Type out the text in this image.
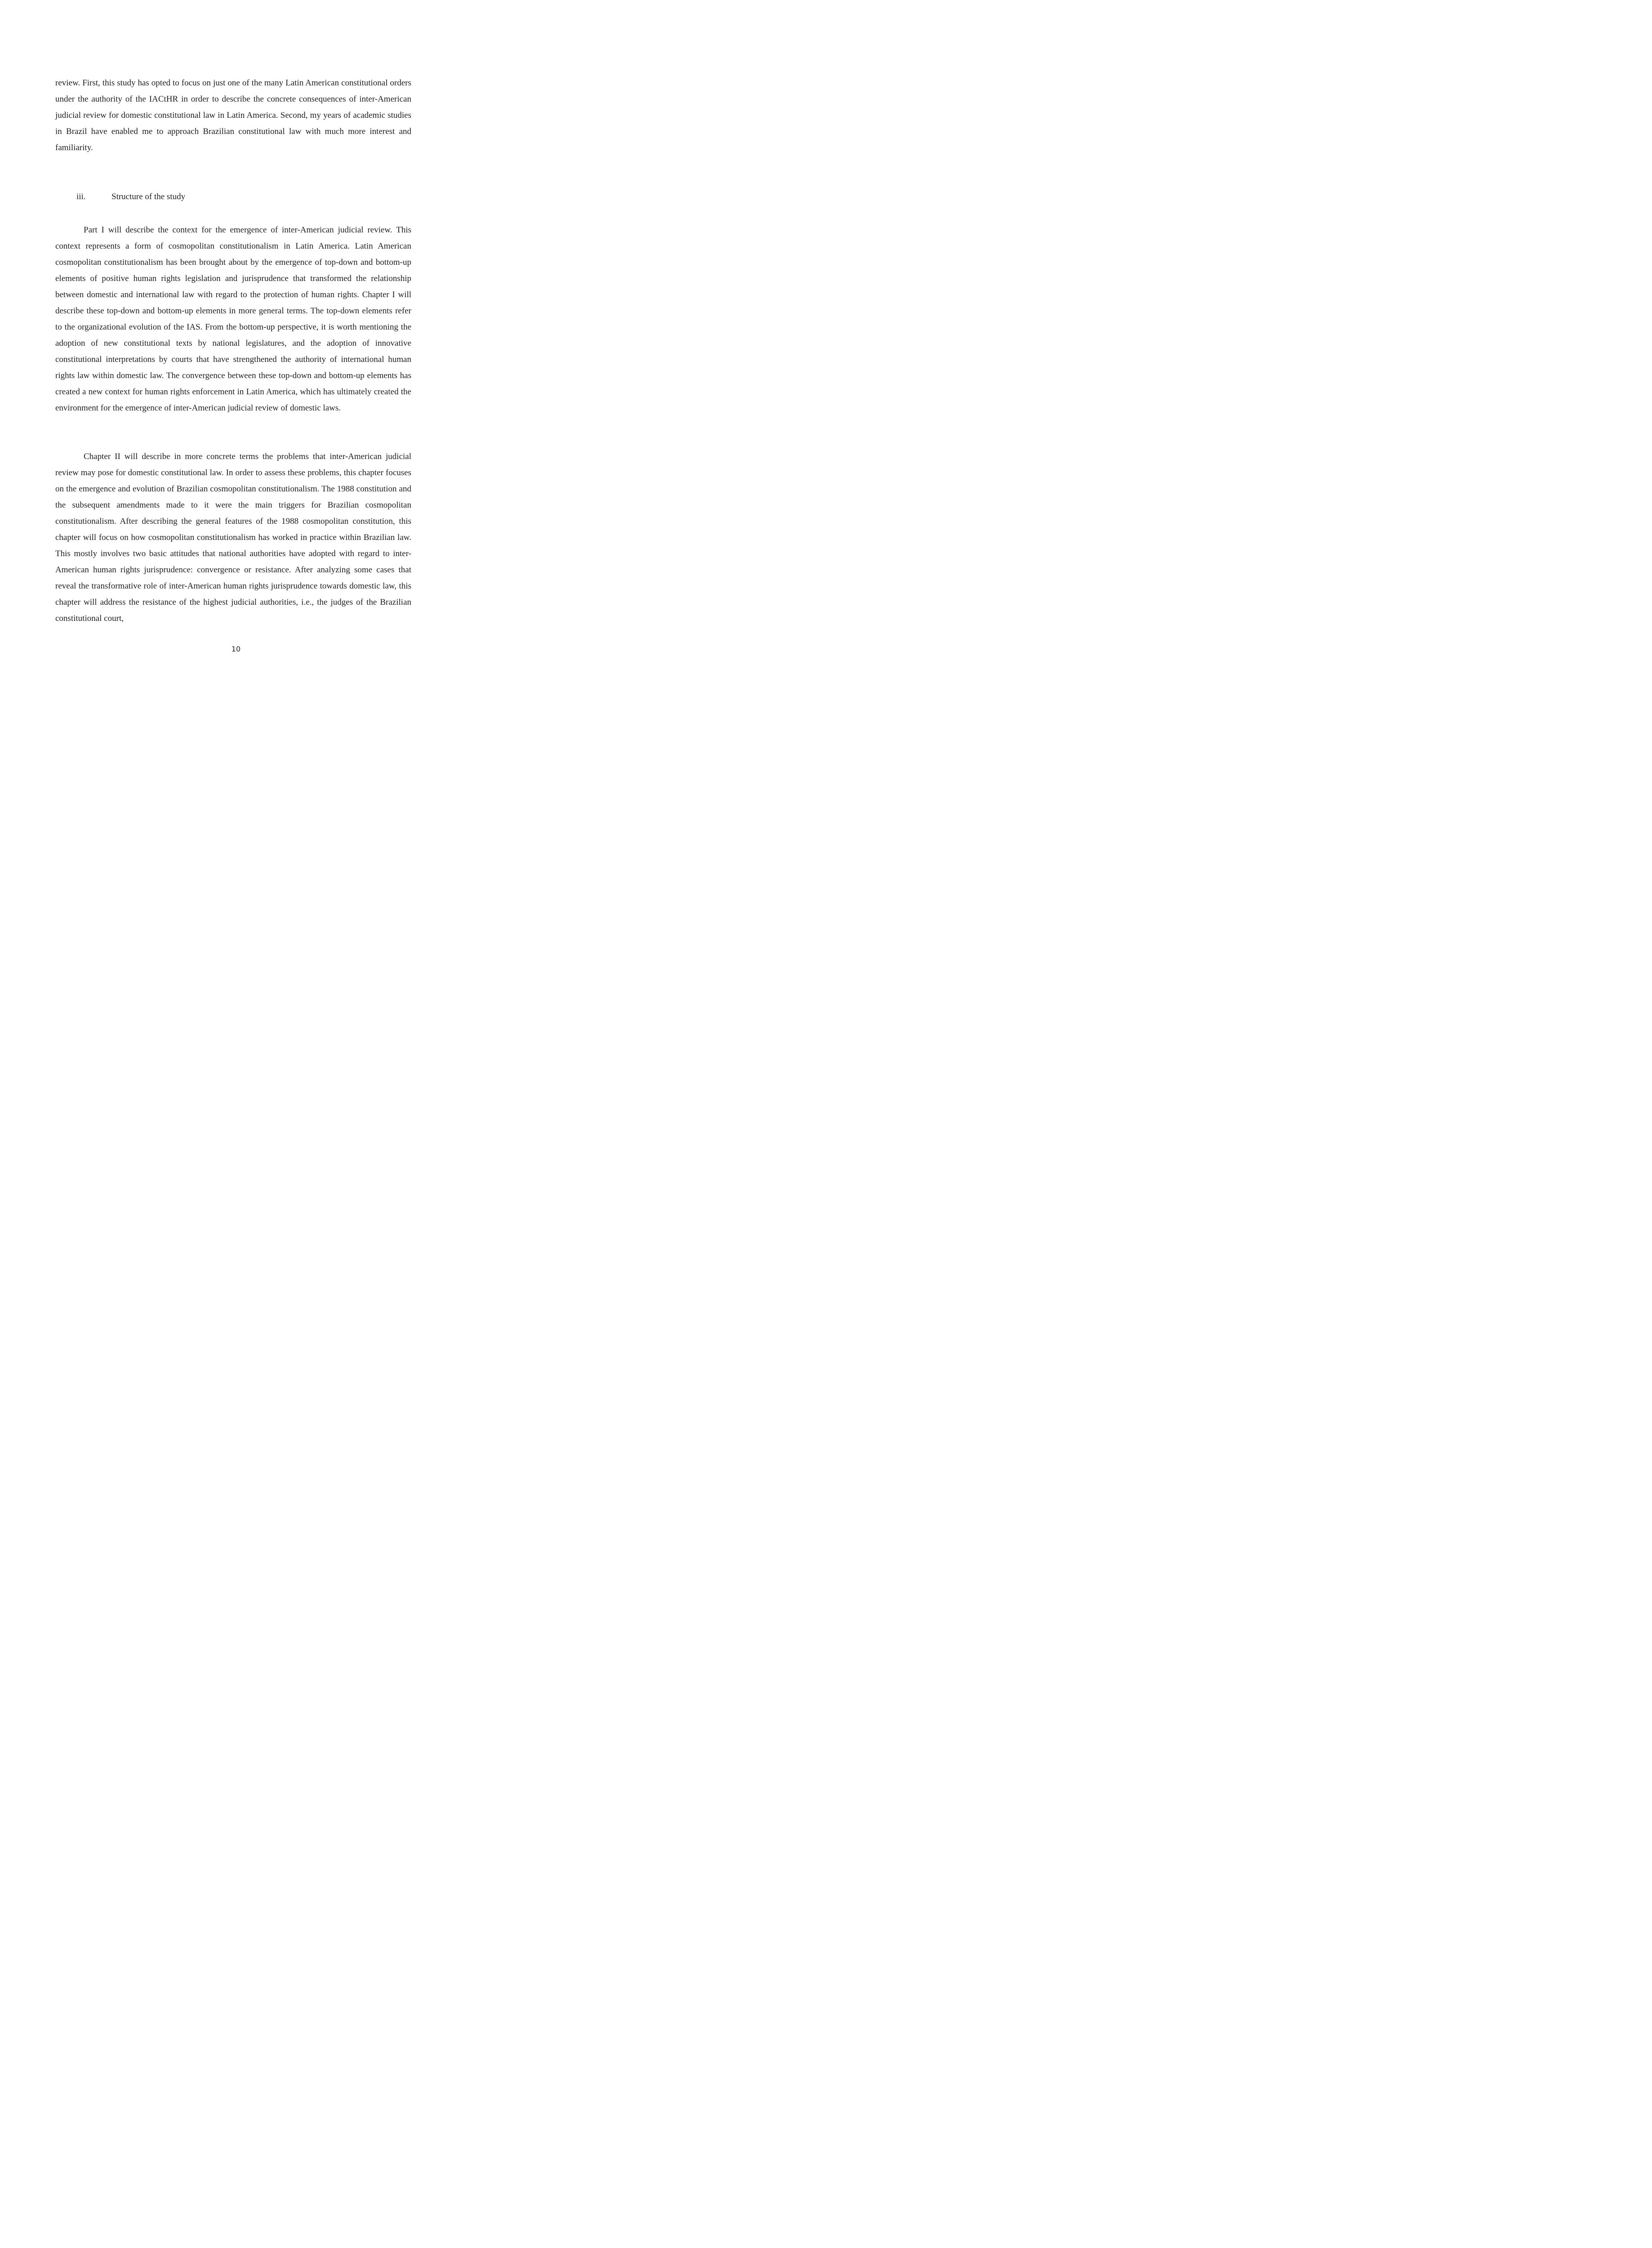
review. First, this study has opted to focus on just one of the many Latin American constitutional orders under the authority of the IACtHR in order to describe the concrete consequences of inter-American judicial review for domestic constitutional law in Latin America. Second, my years of academic studies in Brazil have enabled me to approach Brazilian constitutional law with much more interest and familiarity.

iii.	Structure of the study

Part I will describe the context for the emergence of inter-American judicial review. This context represents a form of cosmopolitan constitutionalism in Latin America. Latin American cosmopolitan constitutionalism has been brought about by the emergence of top-down and bottom-up elements of positive human rights legislation and jurisprudence that transformed the relationship between domestic and international law with regard to the protection of human rights. Chapter I will describe these top-down and bottom-up elements in more general terms. The top-down elements refer to the organizational evolution of the IAS. From the bottom-up perspective, it is worth mentioning the adoption of new constitutional texts by national legislatures, and the adoption of innovative constitutional interpretations by courts that have strengthened the authority of international human rights law within domestic law. The convergence between these top-down and bottom-up elements has created a new context for human rights enforcement in Latin America, which has ultimately created the environment for the emergence of inter-American judicial review of domestic laws.

Chapter II will describe in more concrete terms the problems that inter-American judicial review may pose for domestic constitutional law. In order to assess these problems, this chapter focuses on the emergence and evolution of Brazilian cosmopolitan constitutionalism. The 1988 constitution and the subsequent amendments made to it were the main triggers for Brazilian cosmopolitan constitutionalism. After describing the general features of the 1988 cosmopolitan constitution, this chapter will focus on how cosmopolitan constitutionalism has worked in practice within Brazilian law. This mostly involves two basic attitudes that national authorities have adopted with regard to inter-American human rights jurisprudence: convergence or resistance. After analyzing some cases that reveal the transformative role of inter-American human rights jurisprudence towards domestic law, this chapter will address the resistance of the highest judicial authorities, i.e., the judges of the Brazilian constitutional court,

10
